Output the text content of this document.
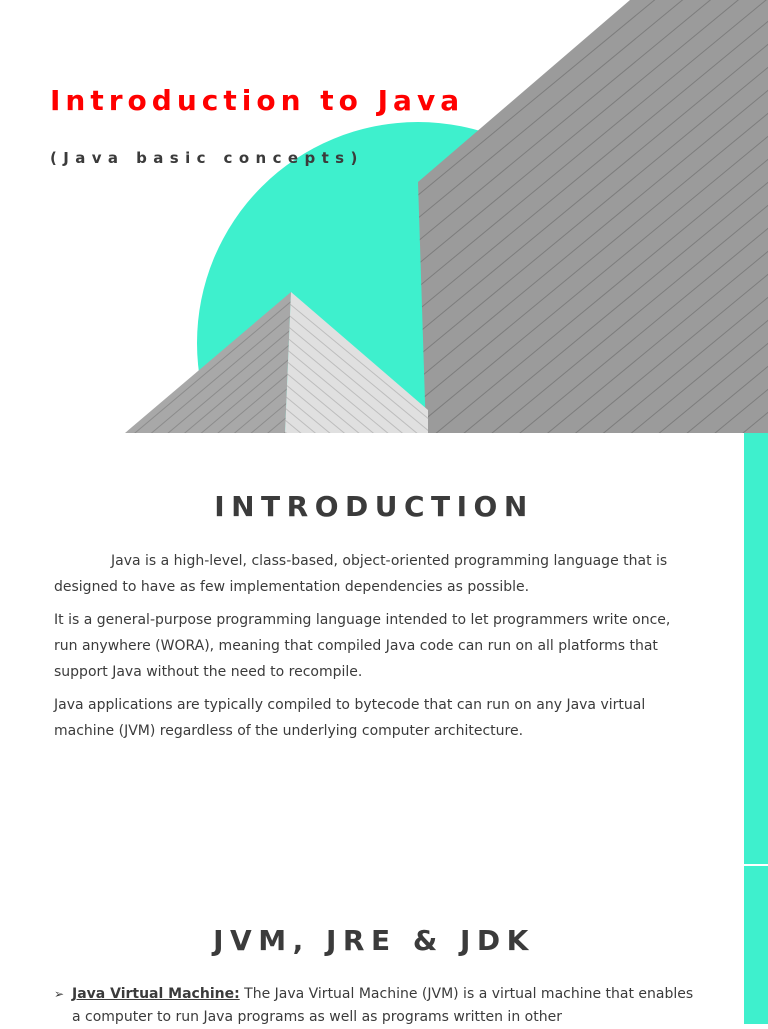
Introduction to Java

(Java basic concepts)

INTRODUCTION

Java is a high-level, class-based, object-oriented programming language that is designed to have as few implementation dependencies as possible.

It is a general-purpose programming language intended to let programmers write once, run anywhere (WORA), meaning that compiled Java code can run on all platforms that support Java without the need to recompile.

Java applications are typically compiled to bytecode that can run on any Java virtual machine (JVM) regardless of the underlying computer architecture.

JVM, JRE & JDK
➢ Java Virtual Machine: The Java Virtual Machine (JVM) is a virtual machine that enables a computer to run Java programs as well as programs written in other
